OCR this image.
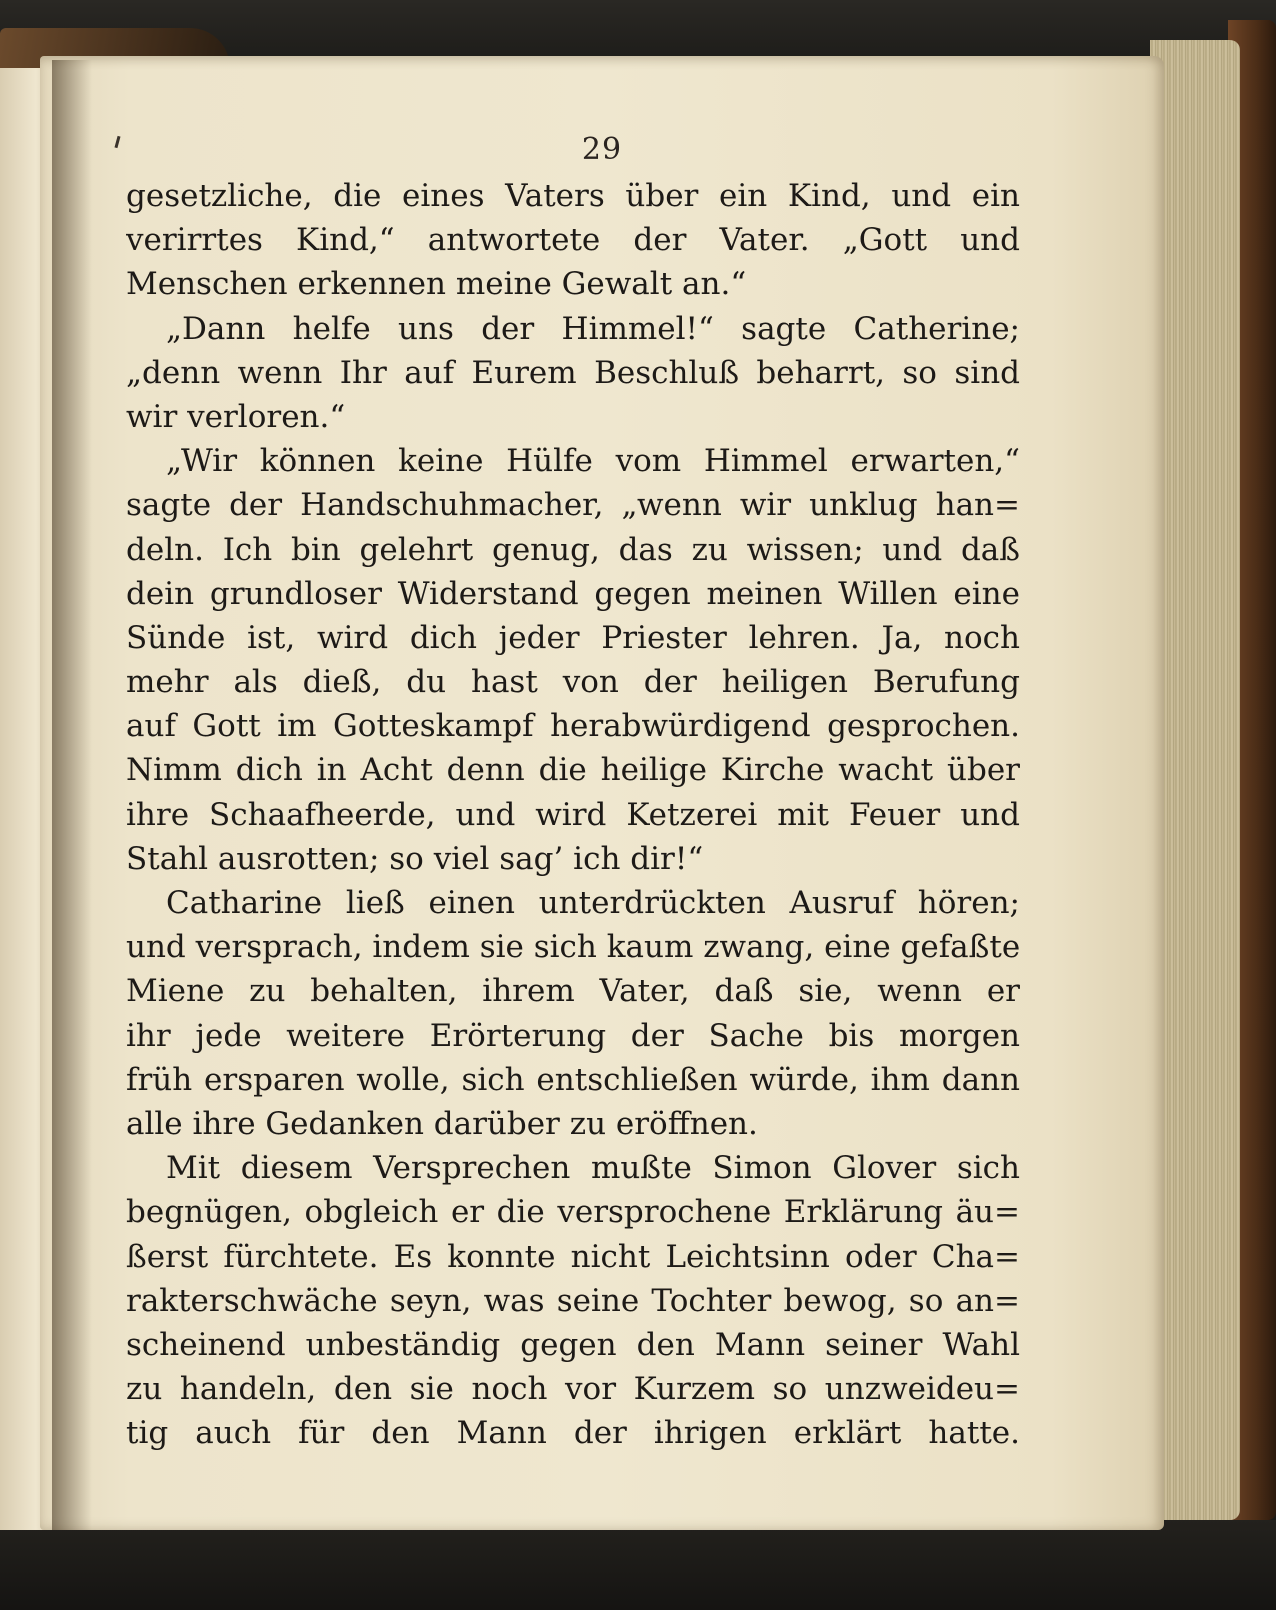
29
gesetzliche, die eines Vaters über ein Kind, und ein
verirrtes Kind,“ antwortete der Vater. „Gott und
Menschen erkennen meine Gewalt an.“
„Dann helfe uns der Himmel!“ sagte Catherine;
„denn wenn Ihr auf Eurem Beschluß beharrt, so sind
wir verloren.“
„Wir können keine Hülfe vom Himmel erwarten,“
sagte der Handschuhmacher, „wenn wir unklug han=
deln. Ich bin gelehrt genug, das zu wissen; und daß
dein grundloser Widerstand gegen meinen Willen eine
Sünde ist, wird dich jeder Priester lehren. Ja, noch
mehr als dieß, du hast von der heiligen Berufung
auf Gott im Gotteskampf herabwürdigend gesprochen.
Nimm dich in Acht denn die heilige Kirche wacht über
ihre Schaafheerde, und wird Ketzerei mit Feuer und
Stahl ausrotten; so viel sag’ ich dir!“
Catharine ließ einen unterdrückten Ausruf hören;
und versprach, indem sie sich kaum zwang, eine gefaßte
Miene zu behalten, ihrem Vater, daß sie, wenn er
ihr jede weitere Erörterung der Sache bis morgen
früh ersparen wolle, sich entschließen würde, ihm dann
alle ihre Gedanken darüber zu eröffnen.
Mit diesem Versprechen mußte Simon Glover sich
begnügen, obgleich er die versprochene Erklärung äu=
ßerst fürchtete. Es konnte nicht Leichtsinn oder Cha=
rakterschwäche seyn, was seine Tochter bewog, so an=
scheinend unbeständig gegen den Mann seiner Wahl
zu handeln, den sie noch vor Kurzem so unzweideu=
tig auch für den Mann der ihrigen erklärt hatte.
